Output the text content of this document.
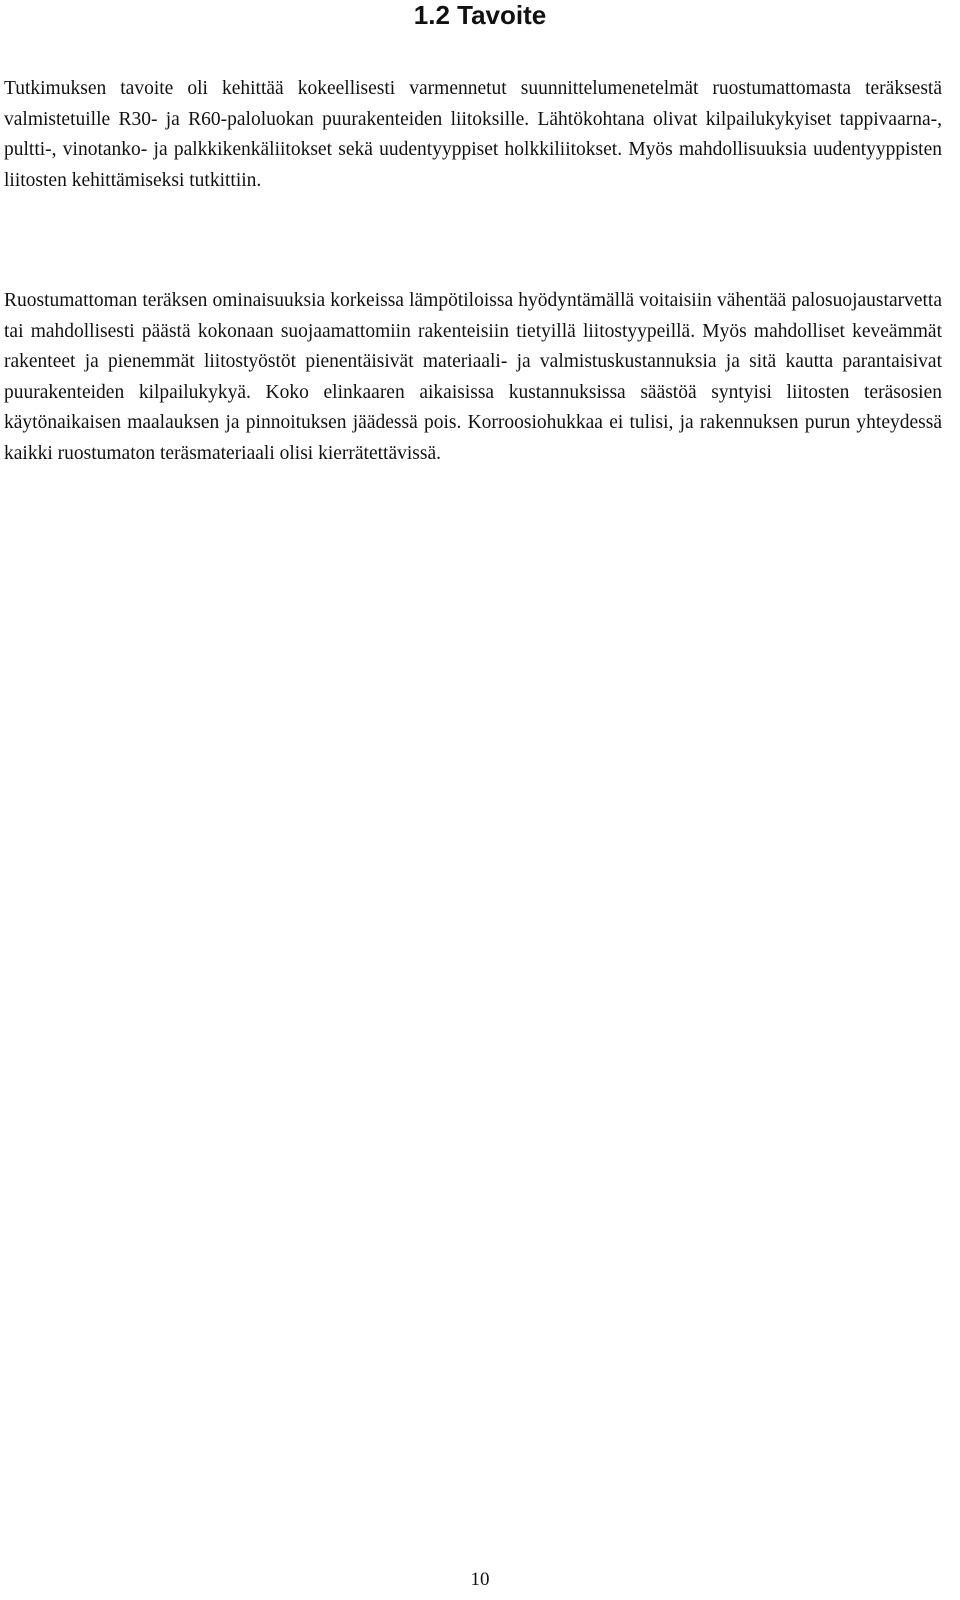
1.2 Tavoite

Tutkimuksen tavoite oli kehittää kokeellisesti varmennetut suunnittelumenetelmät ruostumattomasta teräksestä valmistetuille R30- ja R60-paloluokan puurakenteiden liitoksille. Lähtökohtana olivat kilpailukykyiset tappivaarna-, pultti-, vinotanko- ja palkkikenkäliitokset sekä uudentyyppiset holkkiliitokset. Myös mahdollisuuksia uudentyyppisten liitosten kehittämiseksi tutkittiin.

Ruostumattoman teräksen ominaisuuksia korkeissa lämpötiloissa hyödyntämällä voitaisiin vähentää palosuojaustarvetta tai mahdollisesti päästä kokonaan suojaamattomiin rakenteisiin tietyillä liitostyypeillä. Myös mahdolliset keveämmät rakenteet ja pienemmät liitostyöstöt pienentäisivät materiaali- ja valmistuskustannuksia ja sitä kautta parantaisivat puurakenteiden kilpailukykyä. Koko elinkaaren aikaisissa kustannuksissa säästöä syntyisi liitosten teräsosien käytönaikaisen maalauksen ja pinnoituksen jäädessä pois. Korroosiohukkaa ei tulisi, ja rakennuksen purun yhteydessä kaikki ruostumaton teräsmateriaali olisi kierrätettävissä.

10
